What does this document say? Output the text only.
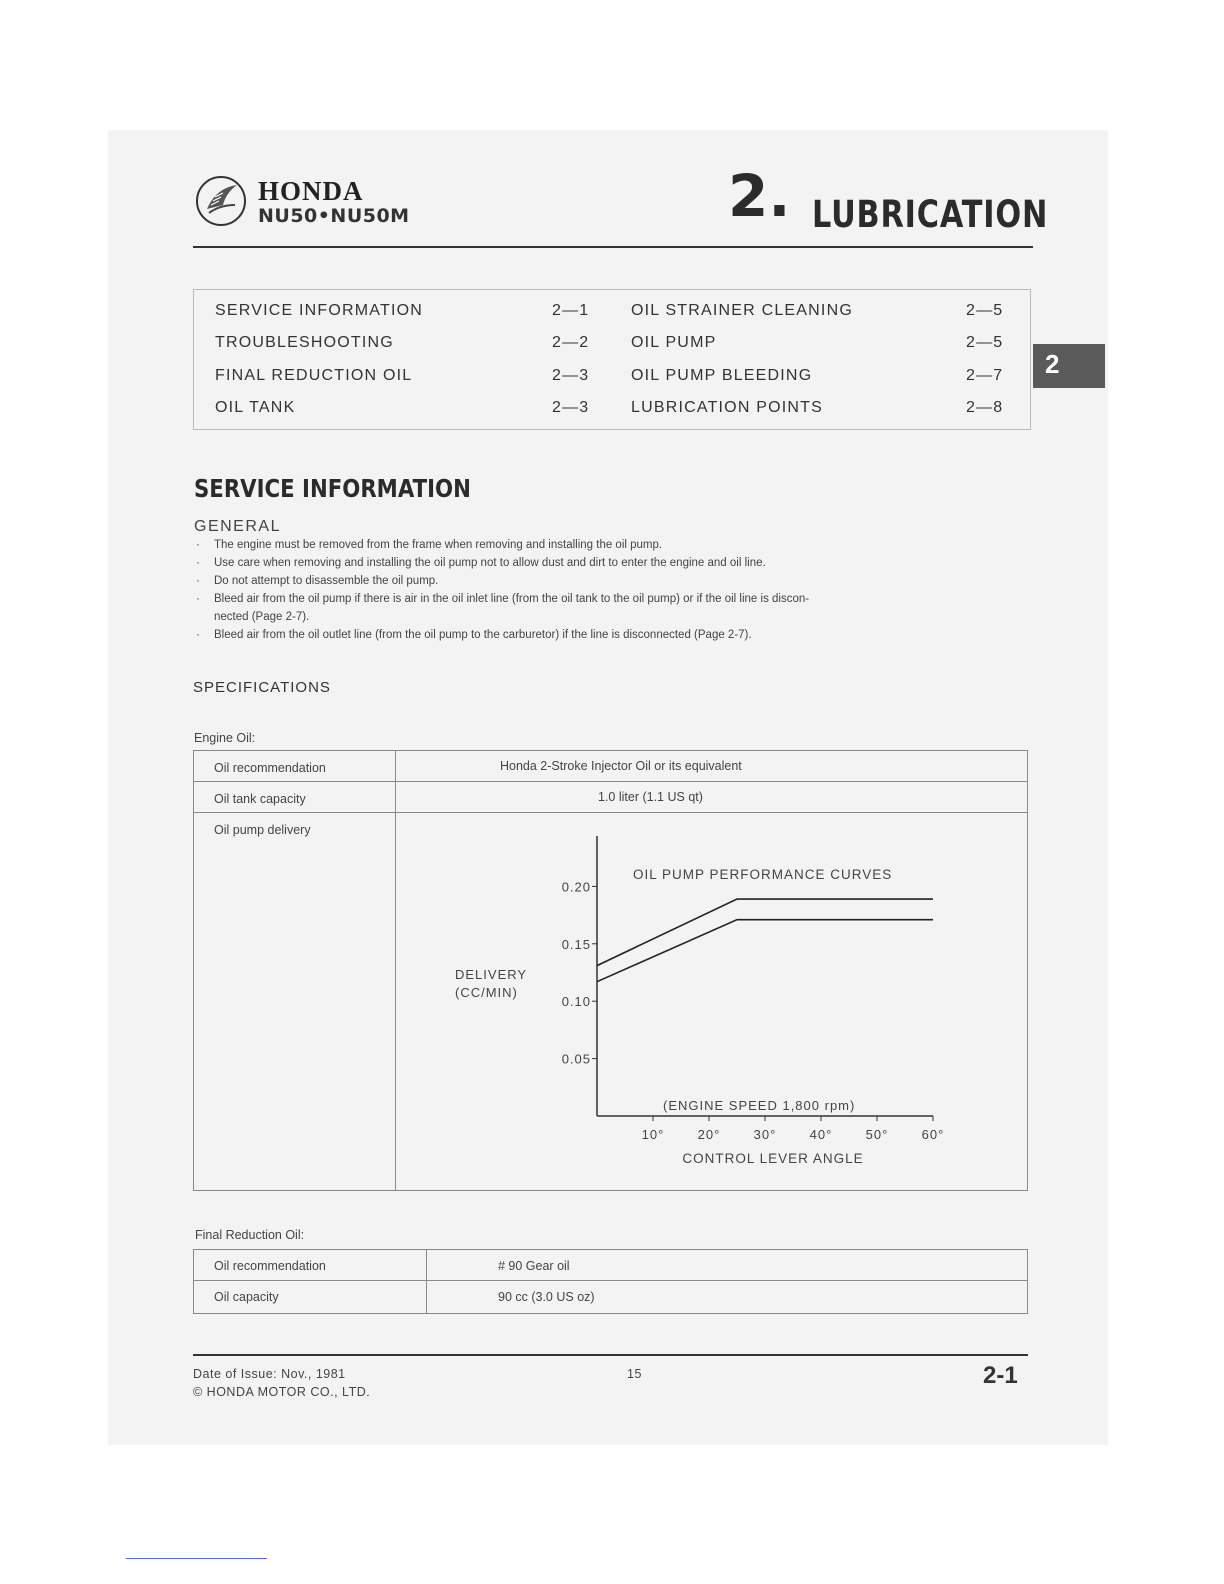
HONDA
NU50•NU50M	2. LUBRICATION
SERVICE INFORMATION	2—1	OIL STRAINER CLEANING	2—5
TROUBLESHOOTING	2—2	OIL PUMP	2—5
FINAL REDUCTION OIL	2—3	OIL PUMP BLEEDING	2—7
OIL TANK	2—3	LUBRICATION POINTS	2—8
2
SERVICE INFORMATION
GENERAL
· The engine must be removed from the frame when removing and installing the oil pump.
· Use care when removing and installing the oil pump not to allow dust and dirt to enter the engine and oil line.
· Do not attempt to disassemble the oil pump.
· Bleed air from the oil pump if there is air in the oil inlet line (from the oil tank to the oil pump) or if the oil line is discon-
nected (Page 2-7).
· Bleed air from the oil outlet line (from the oil pump to the carburetor) if the line is disconnected (Page 2-7).
SPECIFICATIONS
Engine Oil:
Oil recommendation	Honda 2-Stroke Injector Oil or its equivalent
Oil tank capacity	1.0 liter (1.1 US qt)
Oil pump delivery
0.20
0.15
0.10
0.05
10°	20°	30°	40°	50°	60°
OIL PUMP PERFORMANCE CURVES
DELIVERY
(CC/MIN)
(ENGINE SPEED 1,800 rpm)
CONTROL LEVER ANGLE
Final Reduction Oil:
Oil recommendation	# 90 Gear oil
Oil capacity	90 cc (3.0 US oz)
Date of Issue: Nov., 1981
© HONDA MOTOR CO., LTD.
15	2-1
